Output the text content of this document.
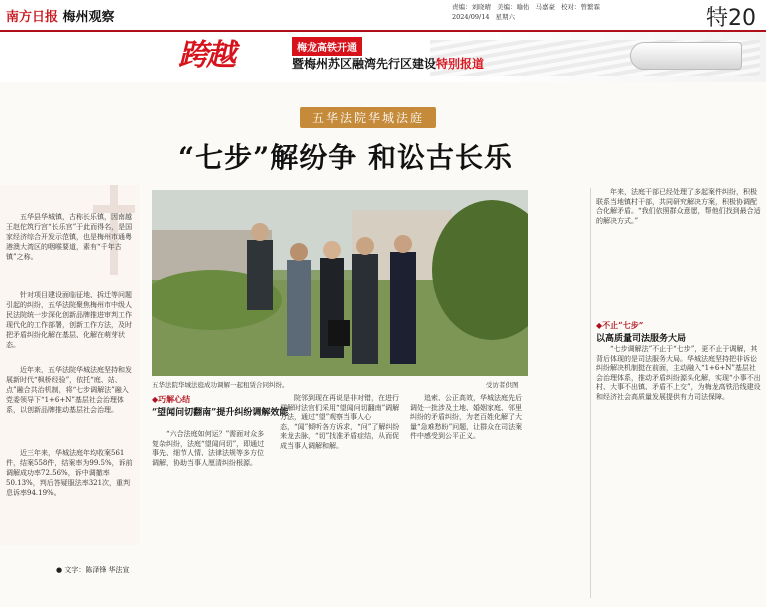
南方日报 梅州观察
责编：刘晓晴 美编：喻佑 马嘉豪 校对：曾繁霖
2024/09/14 星期六	特20
跨越	梅龙高铁开通
暨梅州苏区融湾先行区建设特别报道
五华法院华城法庭
“七步”解纷争 和讼古长乐
五华县华城镇，古称长乐镇，因南越王赵佗筑行宫“长乐宫”于此而得名，是国家经济综合开发示范镇，也是梅州市通粤港澳大湾区的咽喉要道，素有“千年古镇”之称。
针对项目建设面临征地、拆迁等问题引起的纠纷，五华法院聚焦梅州市中级人民法院统一步深化创新品牌推进审判工作现代化的工作部署，创新工作方法，及时把矛盾纠纷化解在基层、化解在萌芽状态。
近年来，五华法院华城法庭坚持和发展新时代“枫桥经验”，依托“庭、站、点”融合共治机制，将“七步调解法”融入党委领导下“1+6+N”基层社会治理体系，以创新品牌推动基层社会治理。
近三年来，华城法庭年均收案561件，结案558件，结案率为99.5%，诉前调解成功率72.56%，诉中调撤率50.13%，判后答疑服法率321次，重判息诉率94.19%。
● 文字：陈泽锋 华法宣
五华法院华城法庭成功调解一起租赁合同纠纷。	受访者供图
◆巧解心结
“望闻问切翻南”提升纠纷调解效能
◆不止“七步”
以高质量司法服务大局
“六合法庭如何运？”需面对众多复杂纠纷，法庭“望闻问切”，即通过事先、细节人情、法律法规等多方位调解，协助当事人厘清纠纷根源。
院邻到现在再说是非对错，在进行调解时法官们采用“望闻问切翻南”调解方法，通过“望”观察当事人心态，“闻”倾听各方诉求，“问”了解纠纷来龙去脉，“切”找准矛盾症结，从而促成当事人调解和解。
追索、公正高效，华城法庭先后调处一批涉及土地、婚姻家庭、邻里纠纷的矛盾纠纷，为老百姓化解了大量“急难愁盼”问题，让群众在司法案件中感受到公平正义。
年来，法庭干部已经处理了多起案件纠纷，积极联系当地镇村干部，共同研究解决方案，积极协调配合化解矛盾。“我们依照群众意愿，帮他们找到最合适的解决方式。”
“七步调解法”不止于“七步”，更不止于调解，其背后体现的是司法服务大局。华城法庭坚持把非诉讼纠纷解决机制挺在前面，主动融入“1+6+N”基层社会治理体系，推动矛盾纠纷源头化解，实现“小事不出村、大事不出镇、矛盾不上交”，为梅龙高铁沿线建设和经济社会高质量发展提供有力司法保障。
